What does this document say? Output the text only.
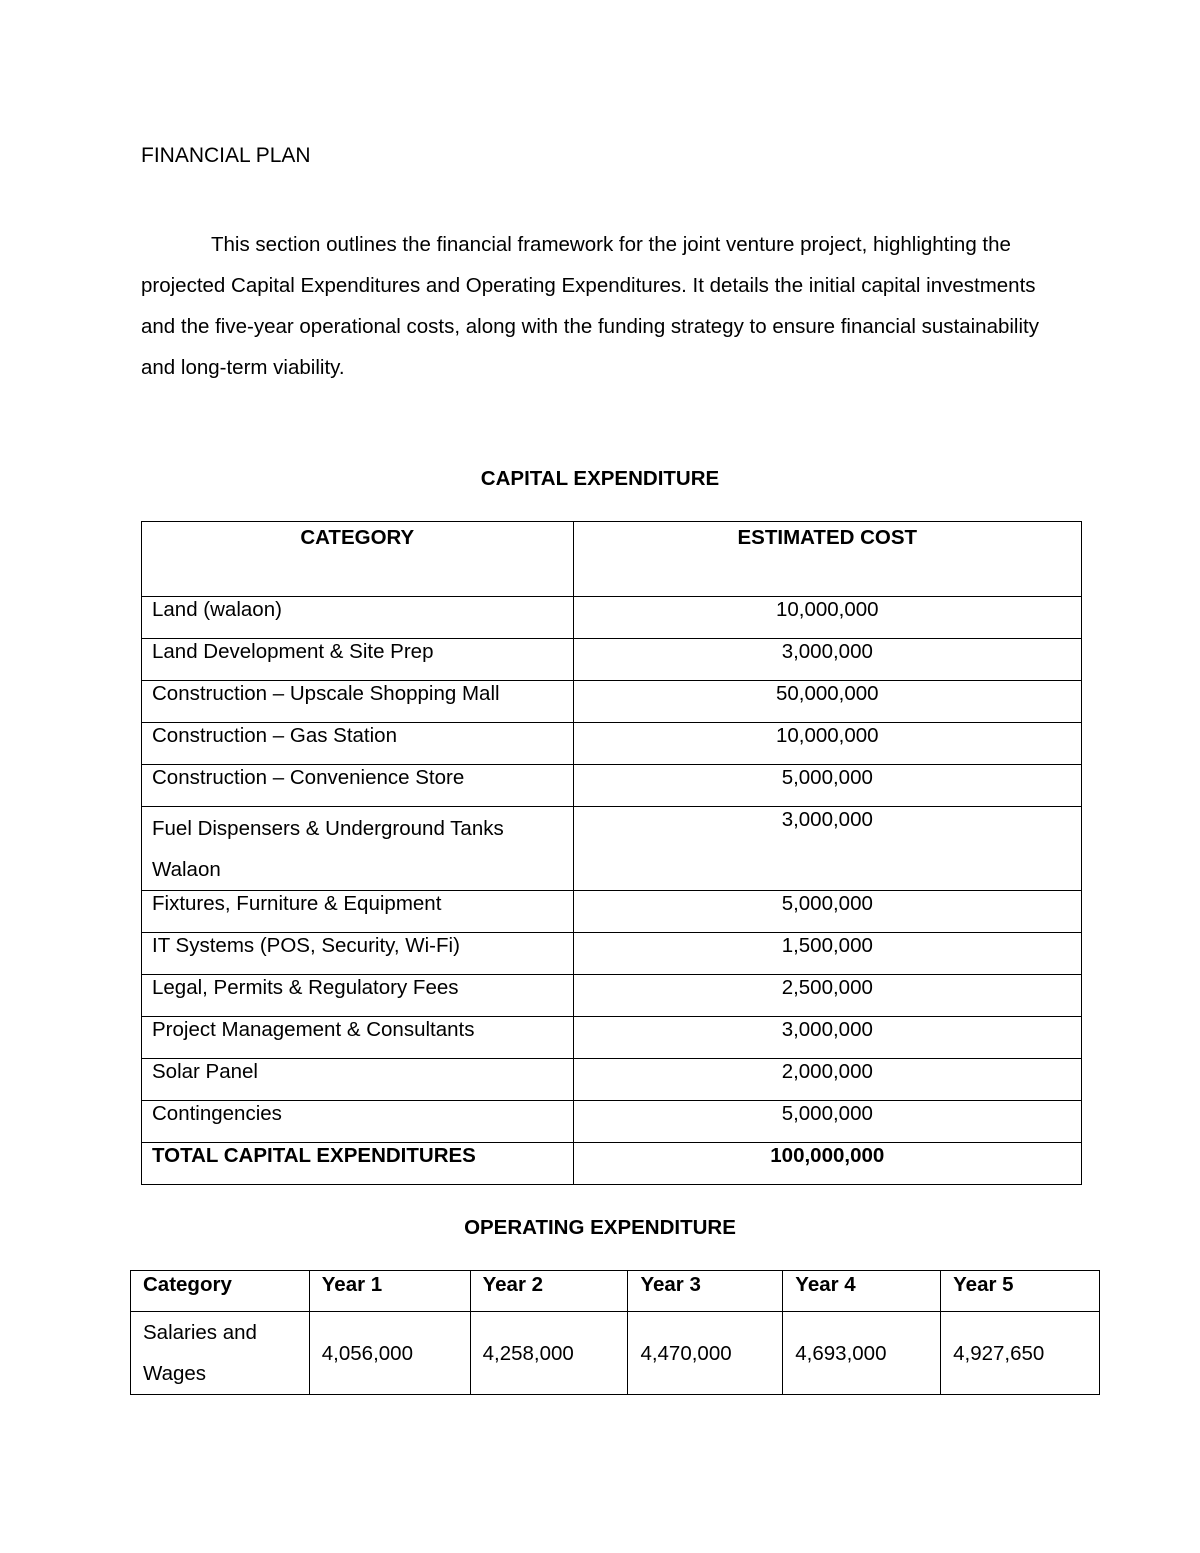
FINANCIAL PLAN

This section outlines the financial framework for the joint venture project, highlighting the projected Capital Expenditures and Operating Expenditures. It details the initial capital investments and the five-year operational costs, along with the funding strategy to ensure financial sustainability and long-term viability.

CAPITAL EXPENDITURE
CATEGORY	ESTIMATED COST
Land (walaon)	10,000,000
Land Development & Site Prep	3,000,000
Construction – Upscale Shopping Mall	50,000,000
Construction – Gas Station	10,000,000
Construction – Convenience Store	5,000,000
Fuel Dispensers & Underground Tanks Walaon	3,000,000
Fixtures, Furniture & Equipment	5,000,000
IT Systems (POS, Security, Wi-Fi)	1,500,000
Legal, Permits & Regulatory Fees	2,500,000
Project Management & Consultants	3,000,000
Solar Panel	2,000,000
Contingencies	5,000,000
TOTAL CAPITAL EXPENDITURES	100,000,000
OPERATING EXPENDITURE
Category	Year 1	Year 2	Year 3	Year 4	Year 5
Salaries and Wages	4,056,000	4,258,000	4,470,000	4,693,000	4,927,650
